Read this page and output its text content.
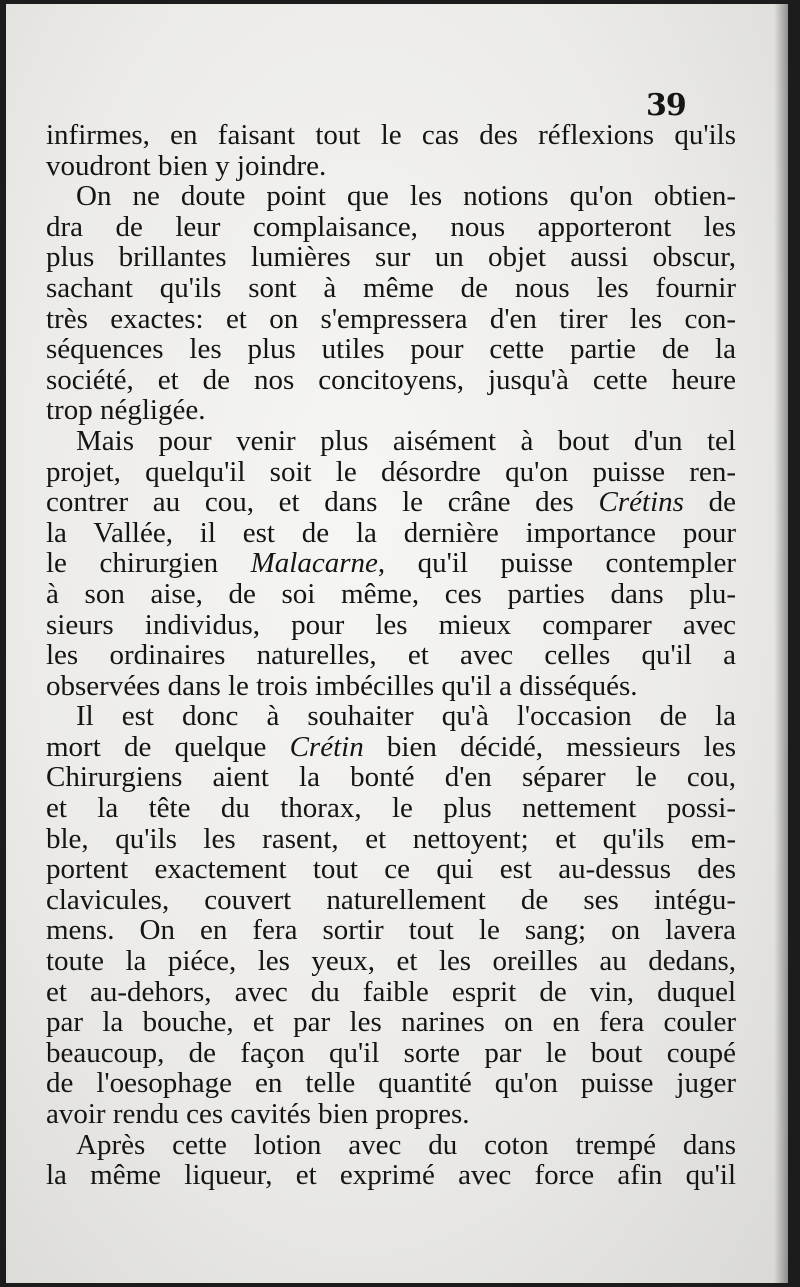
39
infirmes, en faisant tout le cas des réflexions qu'ils
voudront bien y joindre.
On ne doute point que les notions qu'on obtien-
dra de leur complaisance, nous apporteront les
plus brillantes lumières sur un objet aussi obscur,
sachant qu'ils sont à même de nous les fournir
très exactes: et on s'empressera d'en tirer les con-
séquences les plus utiles pour cette partie de la
société, et de nos concitoyens, jusqu'à cette heure
trop négligée.
Mais pour venir plus aisément à bout d'un tel
projet, quelqu'il soit le désordre qu'on puisse ren-
contrer au cou, et dans le crâne des Crétins de
la Vallée, il est de la dernière importance pour
le chirurgien Malacarne, qu'il puisse contempler
à son aise, de soi même, ces parties dans plu-
sieurs individus, pour les mieux comparer avec
les ordinaires naturelles, et avec celles qu'il a
observées dans le trois imbécilles qu'il a disséqués.
Il est donc à souhaiter qu'à l'occasion de la
mort de quelque Crétin bien décidé, messieurs les
Chirurgiens aient la bonté d'en séparer le cou,
et la tête du thorax, le plus nettement possi-
ble, qu'ils les rasent, et nettoyent; et qu'ils em-
portent exactement tout ce qui est au-dessus des
clavicules, couvert naturellement de ses intégu-
mens. On en fera sortir tout le sang; on lavera
toute la piéce, les yeux, et les oreilles au dedans,
et au-dehors, avec du faible esprit de vin, duquel
par la bouche, et par les narines on en fera couler
beaucoup, de façon qu'il sorte par le bout coupé
de l'oesophage en telle quantité qu'on puisse juger
avoir rendu ces cavités bien propres.
Après cette lotion avec du coton trempé dans
la même liqueur, et exprimé avec force afin qu'il
